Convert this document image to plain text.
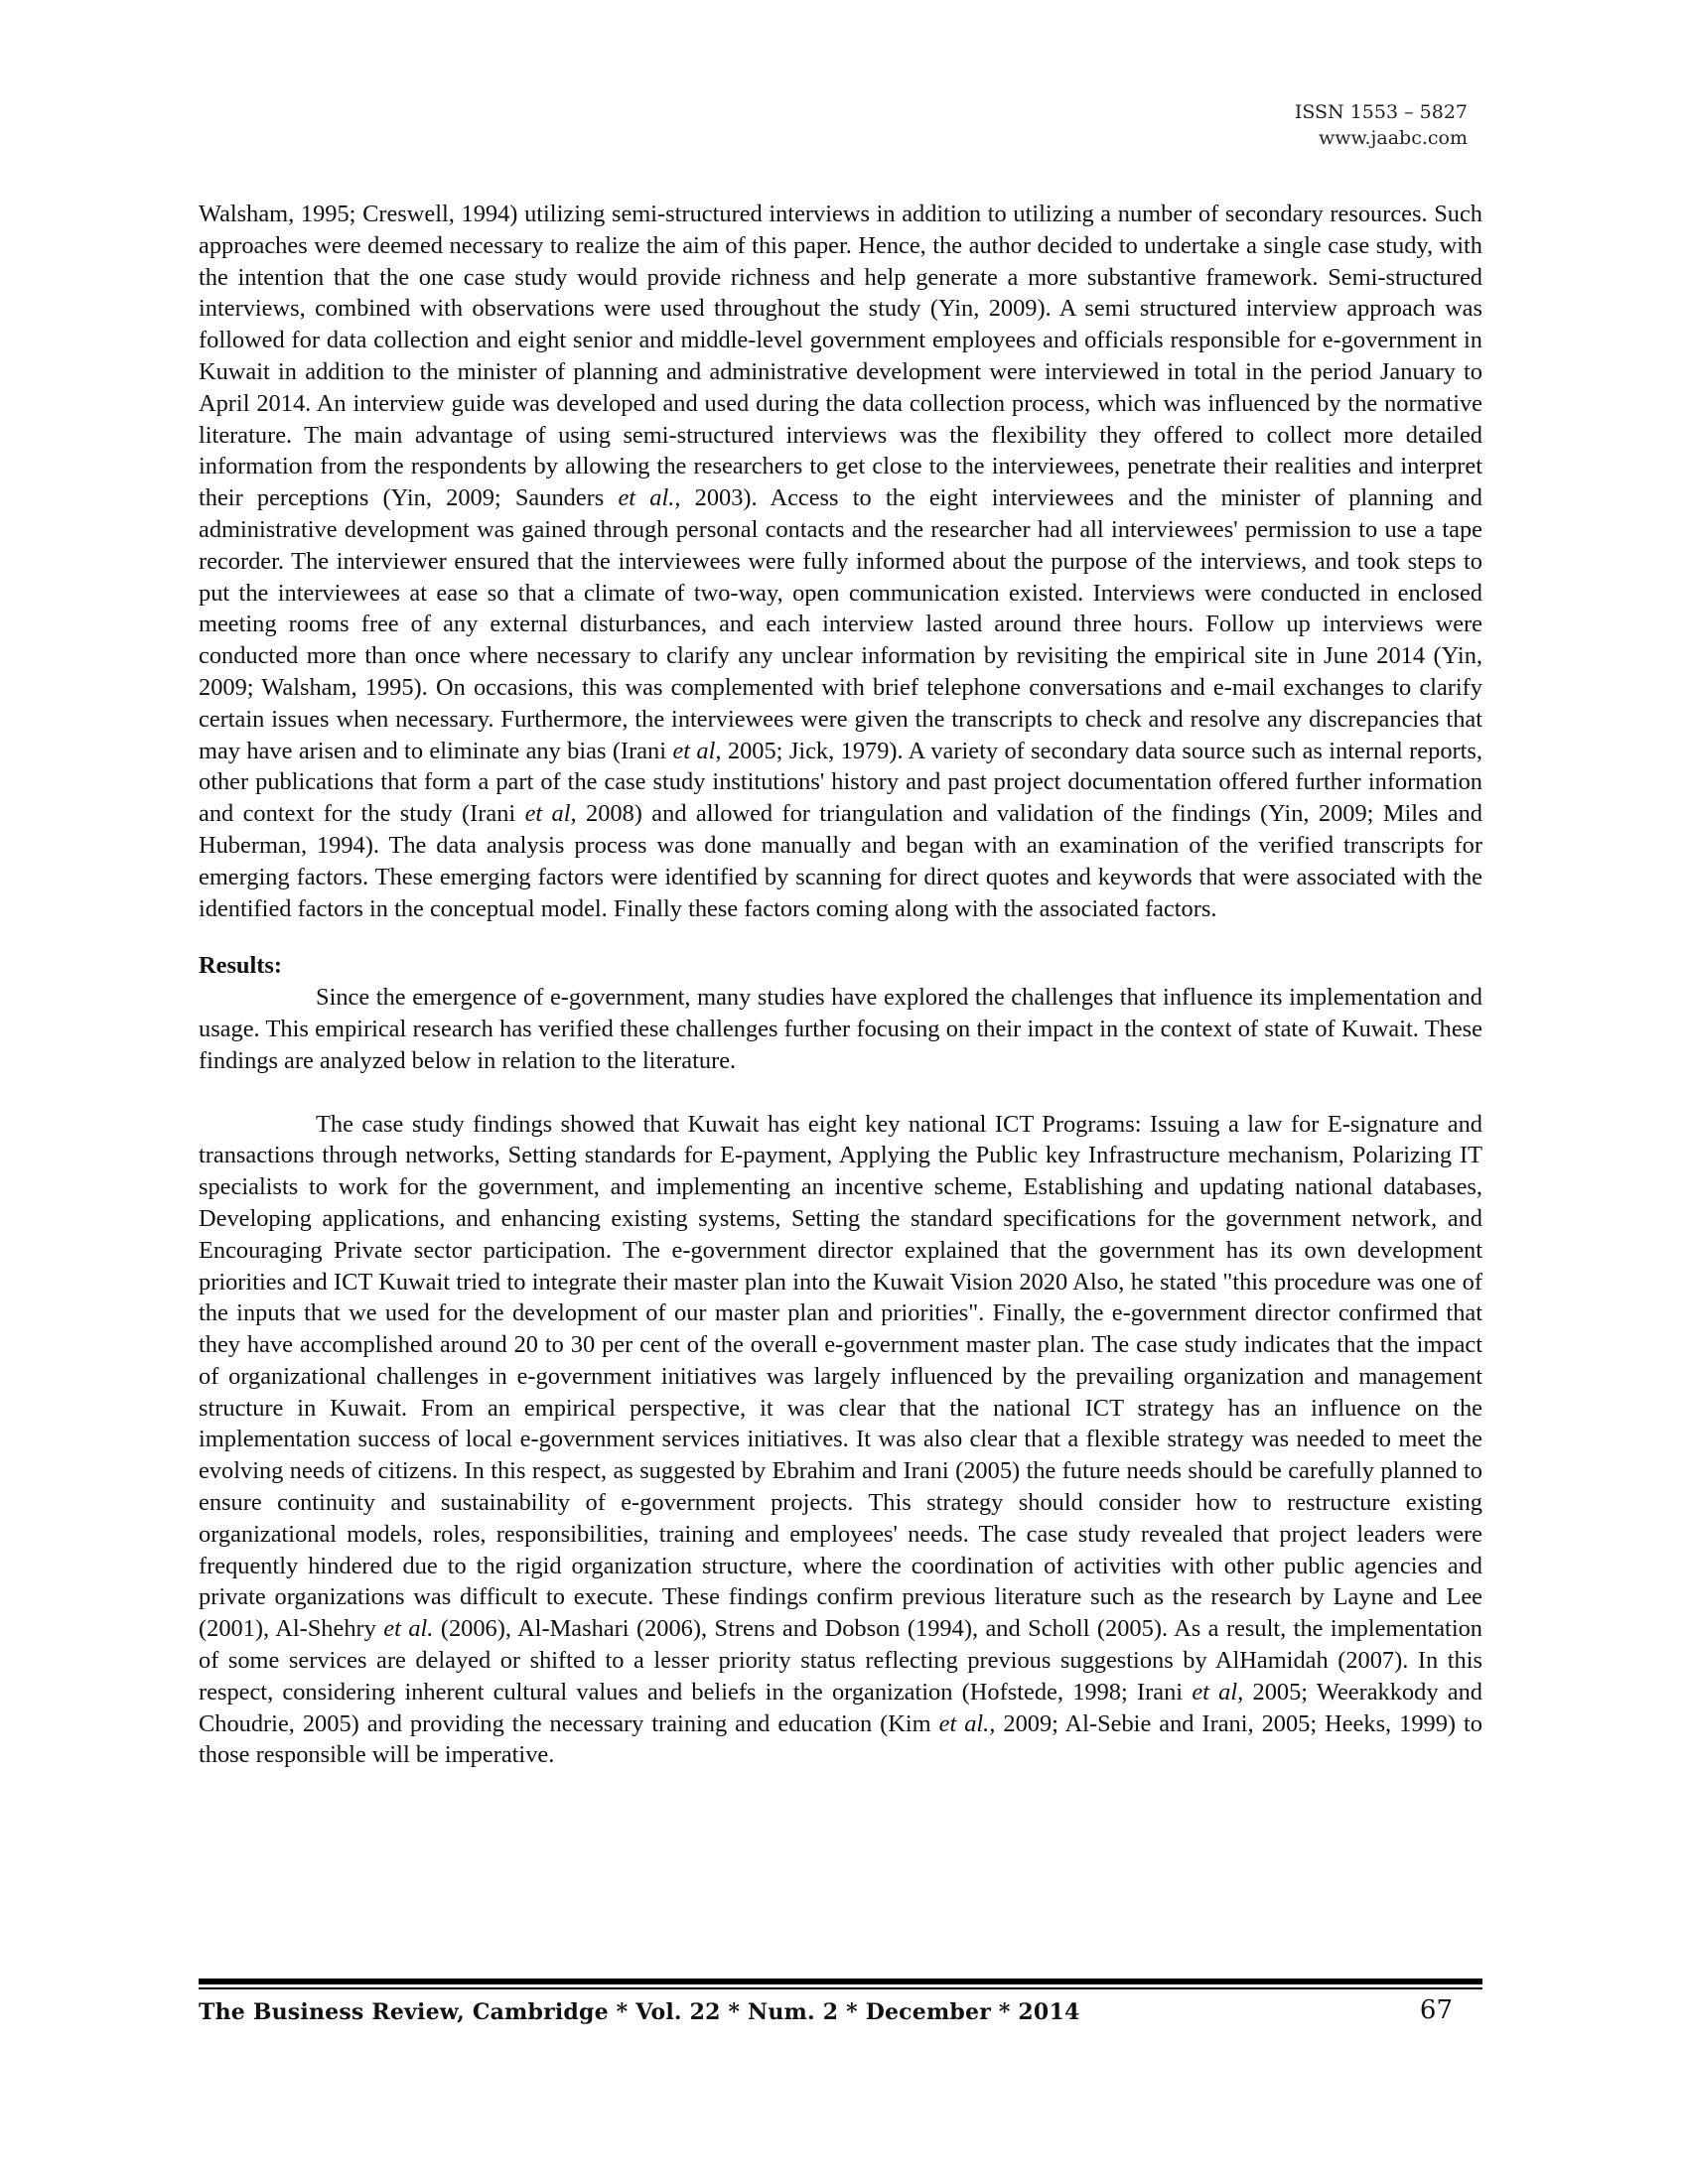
ISSN 1553 – 5827
www.jaabc.com

Walsham, 1995; Creswell, 1994) utilizing semi-structured interviews in addition to utilizing a number of secondary resources. Such approaches were deemed necessary to realize the aim of this paper. Hence, the author decided to undertake a single case study, with the intention that the one case study would provide richness and help generate a more substantive framework. Semi-structured interviews, combined with observations were used throughout the study (Yin, 2009). A semi structured interview approach was followed for data collection and eight senior and middle-level government employees and officials responsible for e-government in Kuwait in addition to the minister of planning and administrative development were interviewed in total in the period January to April 2014. An interview guide was developed and used during the data collection process, which was influenced by the normative literature. The main advantage of using semi-structured interviews was the flexibility they offered to collect more detailed information from the respondents by allowing the researchers to get close to the interviewees, penetrate their realities and interpret their perceptions (Yin, 2009; Saunders et al., 2003). Access to the eight interviewees and the minister of planning and administrative development was gained through personal contacts and the researcher had all interviewees' permission to use a tape recorder. The interviewer ensured that the interviewees were fully informed about the purpose of the interviews, and took steps to put the interviewees at ease so that a climate of two-way, open communication existed. Interviews were conducted in enclosed meeting rooms free of any external disturbances, and each interview lasted around three hours. Follow up interviews were conducted more than once where necessary to clarify any unclear information by revisiting the empirical site in June 2014 (Yin, 2009; Walsham, 1995). On occasions, this was complemented with brief telephone conversations and e-mail exchanges to clarify certain issues when necessary. Furthermore, the interviewees were given the transcripts to check and resolve any discrepancies that may have arisen and to eliminate any bias (Irani et al, 2005; Jick, 1979). A variety of secondary data source such as internal reports, other publications that form a part of the case study institutions' history and past project documentation offered further information and context for the study (Irani et al, 2008) and allowed for triangulation and validation of the findings (Yin, 2009; Miles and Huberman, 1994). The data analysis process was done manually and began with an examination of the verified transcripts for emerging factors. These emerging factors were identified by scanning for direct quotes and keywords that were associated with the identified factors in the conceptual model. Finally these factors coming along with the associated factors.

Results:

Since the emergence of e-government, many studies have explored the challenges that influence its implementation and usage. This empirical research has verified these challenges further focusing on their impact in the context of state of Kuwait. These findings are analyzed below in relation to the literature.

The case study findings showed that Kuwait has eight key national ICT Programs: Issuing a law for E-signature and transactions through networks, Setting standards for E-payment, Applying the Public key Infrastructure mechanism, Polarizing IT specialists to work for the government, and implementing an incentive scheme, Establishing and updating national databases, Developing applications, and enhancing existing systems, Setting the standard specifications for the government network, and Encouraging Private sector participation. The e-government director explained that the government has its own development priorities and ICT Kuwait tried to integrate their master plan into the Kuwait Vision 2020 Also, he stated "this procedure was one of the inputs that we used for the development of our master plan and priorities". Finally, the e-government director confirmed that they have accomplished around 20 to 30 per cent of the overall e-government master plan. The case study indicates that the impact of organizational challenges in e-government initiatives was largely influenced by the prevailing organization and management structure in Kuwait. From an empirical perspective, it was clear that the national ICT strategy has an influence on the implementation success of local e-government services initiatives. It was also clear that a flexible strategy was needed to meet the evolving needs of citizens. In this respect, as suggested by Ebrahim and Irani (2005) the future needs should be carefully planned to ensure continuity and sustainability of e-government projects. This strategy should consider how to restructure existing organizational models, roles, responsibilities, training and employees' needs. The case study revealed that project leaders were frequently hindered due to the rigid organization structure, where the coordination of activities with other public agencies and private organizations was difficult to execute. These findings confirm previous literature such as the research by Layne and Lee (2001), Al-Shehry et al. (2006), Al-Mashari (2006), Strens and Dobson (1994), and Scholl (2005). As a result, the implementation of some services are delayed or shifted to a lesser priority status reflecting previous suggestions by AlHamidah (2007). In this respect, considering inherent cultural values and beliefs in the organization (Hofstede, 1998; Irani et al, 2005; Weerakkody and Choudrie, 2005) and providing the necessary training and education (Kim et al., 2009; Al-Sebie and Irani, 2005; Heeks, 1999) to those responsible will be imperative.

The Business Review, Cambridge * Vol. 22 * Num. 2 * December * 2014	67
